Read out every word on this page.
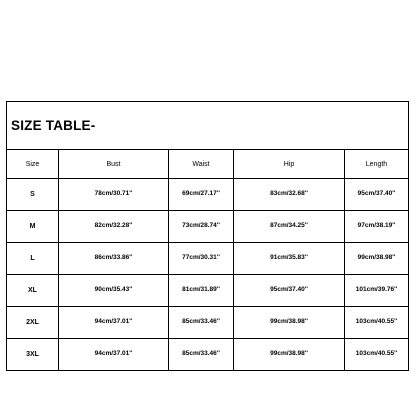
SIZE TABLE-				
Size	Bust	Waist	Hip	Length
S	78cm/30.71''	69cm/27.17''	83cm/32.68''	95cm/37.40''
M	82cm/32.28''	73cm/28.74''	87cm/34.25''	97cm/38.19''
L	86cm/33.86''	77cm/30.31''	91cm/35.83''	99cm/38.98''
XL	90cm/35.43''	81cm/31.89''	95cm/37.40''	101cm/39.76''
2XL	94cm/37.01''	85cm/33.46''	99cm/38.98''	103cm/40.55''
3XL	94cm/37.01''	85cm/33.46''	99cm/38.98''	103cm/40.55''
